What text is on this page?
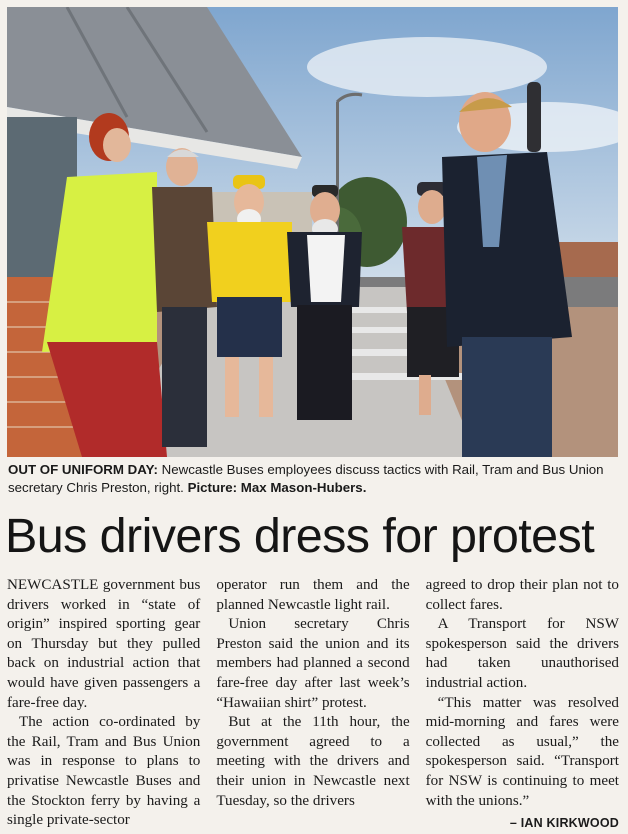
OUT OF UNIFORM DAY: Newcastle Buses employees discuss tactics with Rail, Tram and Bus Union secretary Chris Preston, right. Picture: Max Mason-Hubers.
Bus drivers dress for protest

NEWCASTLE government bus drivers worked in “state of origin” inspired sporting gear on Thursday but they pulled back on industrial action that would have given passengers a fare-free day.

The action co-ordinated by the Rail, Tram and Bus Union was in response to plans to privatise Newcastle Buses and the Stockton ferry by having a single private-sector

operator run them and the planned Newcastle light rail.

Union secretary Chris Preston said the union and its members had planned a second fare-free day after last week’s “Hawaiian shirt” protest.

But at the 11th hour, the government agreed to a meeting with the drivers and their union in Newcastle next Tuesday, so the drivers

agreed to drop their plan not to collect fares.

A Transport for NSW spokesperson said the drivers had taken unauthorised industrial action.

“This matter was resolved mid-morning and fares were collected as usual,” the spokesperson said. “Transport for NSW is continuing to meet with the unions.”

– IAN KIRKWOOD
